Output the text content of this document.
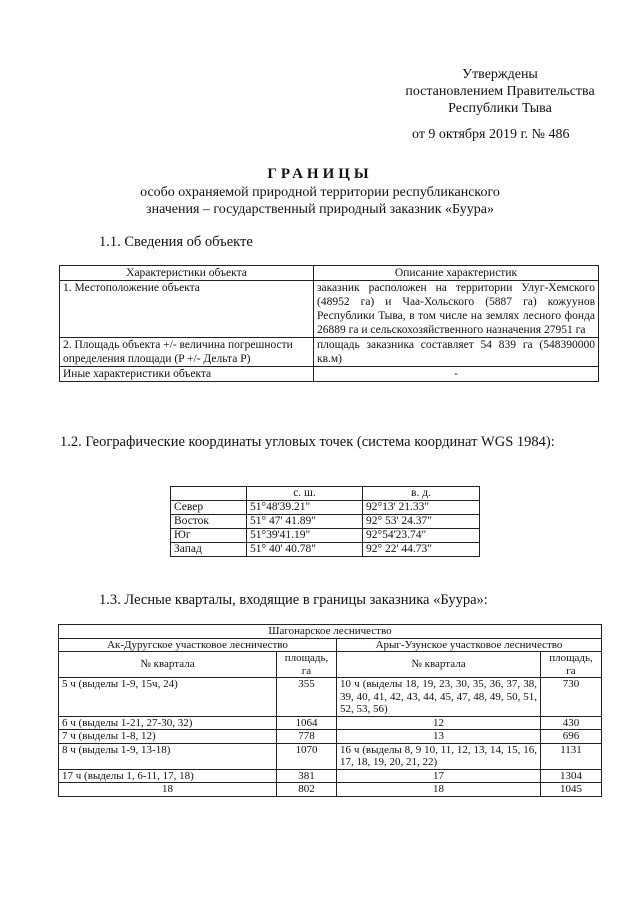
Утверждены
постановлением Правительства
Республики Тыва
от 9 октября 2019 г. № 486
ГРАНИЦЫ
особо охраняемой природной территории республиканского
значения – государственный природный заказник «Буура»
1.1. Сведения об объекте
Характеристики объекта	Описание характеристик
1. Местоположение объекта	заказник расположен на территории Улуг-Хемского (48952 га) и Чаа-Хольского (5887 га) кожуунов Республики Тыва, в том числе на землях лесного фонда 26889 га и сельскохозяйственного назначения 27951 га
2. Площадь объекта +/- величина погрешности определения площади (P +/- Дельта P)	площадь заказника составляет 54 839 га (548390000 кв.м)
Иные характеристики объекта	-
1.2. Географические координаты угловых точек (система координат WGS 1984):
	с. ш.	в. д.
Север	51°48'39.21"	92°13' 21.33"
Восток	51° 47' 41.89"	92° 53' 24.37"
Юг	51°39'41.19"	92°54'23.74"
Запад	51° 40' 40.78"	92° 22' 44.73"
1.3. Лесные кварталы, входящие в границы заказника «Буура»:
Шагонарское лесничество			
Ак-Дуругское участковое лесничество		Арыг-Узунское участковое лесничество	
№ квартала	площадь, га	№ квартала	площадь, га
5 ч (выделы 1-9, 15ч, 24)	355	10 ч (выделы 18, 19, 23, 30, 35, 36, 37, 38, 39, 40, 41, 42, 43, 44, 45, 47, 48, 49, 50, 51, 52, 53, 56)	730
6 ч (выделы 1-21, 27-30, 32)	1064	12	430
7 ч (выделы 1-8, 12)	778	13	696
8 ч (выделы 1-9, 13-18)	1070	16 ч (выделы 8, 9 10, 11, 12, 13, 14, 15, 16, 17, 18, 19, 20, 21, 22)	1131
17 ч (выделы 1, 6-11, 17, 18)	381	17	1304
18	802	18	1045
